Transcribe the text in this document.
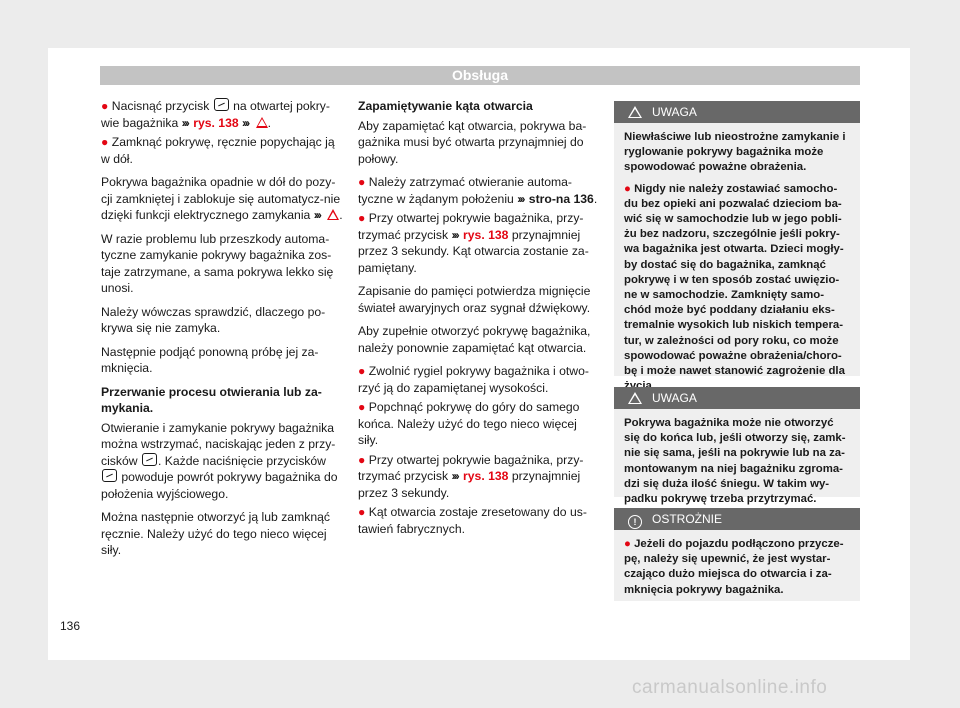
Obsługa

● Nacisnąć przycisk na otwartej pokry-wie bagażnika ››› rys. 138 ››› .

● Zamknąć pokrywę, ręcznie popychając ją w dół.

Pokrywa bagażnika opadnie w dół do pozy-cji zamkniętej i zablokuje się automatycz-nie dzięki funkcji elektrycznego zamykania ››› .

W razie problemu lub przeszkody automa-tyczne zamykanie pokrywy bagażnika zos-taje zatrzymane, a sama pokrywa lekko się unosi.

Należy wówczas sprawdzić, dlaczego po-krywa się nie zamyka.

Następnie podjąć ponowną próbę jej za-mknięcia.

Przerwanie procesu otwierania lub za-mykania.

Otwieranie i zamykanie pokrywy bagażnika można wstrzymać, naciskając jeden z przy-cisków . Każde naciśnięcie przycisków  powoduje powrót pokrywy bagażnika do położenia wyjściowego.

Można następnie otworzyć ją lub zamknąć ręcznie. Należy użyć do tego nieco więcej siły.

Zapamiętywanie kąta otwarcia

Aby zapamiętać kąt otwarcia, pokrywa ba-gażnika musi być otwarta przynajmniej do połowy.

● Należy zatrzymać otwieranie automa-tyczne w żądanym położeniu ››› stro-na 136.

● Przy otwartej pokrywie bagażnika, przy-trzymać przycisk ››› rys. 138 przynajmniej przez 3 sekundy. Kąt otwarcia zostanie za-pamiętany.

Zapisanie do pamięci potwierdza mignięcie świateł awaryjnych oraz sygnał dźwiękowy.

Aby zupełnie otworzyć pokrywę bagażnika, należy ponownie zapamiętać kąt otwarcia.

● Zwolnić rygiel pokrywy bagażnika i otwo-rzyć ją do zapamiętanej wysokości.

● Popchnąć pokrywę do góry do samego końca. Należy użyć do tego nieco więcej siły.

● Przy otwartej pokrywie bagażnika, przy-trzymać przycisk ››› rys. 138 przynajmniej przez 3 sekundy.

● Kąt otwarcia zostaje zresetowany do us-tawień fabrycznych.

UWAGA

Niewłaściwe lub nieostrożne zamykanie i ryglowanie pokrywy bagażnika może spowodować poważne obrażenia.

● Nigdy nie należy zostawiać samocho-du bez opieki ani pozwalać dzieciom ba-wić się w samochodzie lub w jego pobli-żu bez nadzoru, szczególnie jeśli pokry-wa bagażnika jest otwarta. Dzieci mogły-by dostać się do bagażnika, zamknąć pokrywę i w ten sposób zostać uwięzio-ne w samochodzie. Zamknięty samo-chód może być poddany działaniu eks-tremalnie wysokich lub niskich tempera-tur, w zależności od pory roku, co może spowodować poważne obrażenia/choro-bę i może nawet stanowić zagrożenie dla

UWAGA

Pokrywa bagażnika może nie otworzyć się do końca lub, jeśli otworzy się, zamk-nie się sama, jeśli na pokrywie lub na za-montowanym na niej bagażniku zgroma-dzi się duża ilość śniegu. W takim wy-padku pokrywę trzeba przytrzymać.

! OSTROŻNIE

● Jeżeli do pojazdu podłączono przycze-pę, należy się upewnić, że jest wystar-czająco dużo miejsca do otwarcia i za-mknięcia pokrywy bagażnika.

136
carmanualsonline.info
